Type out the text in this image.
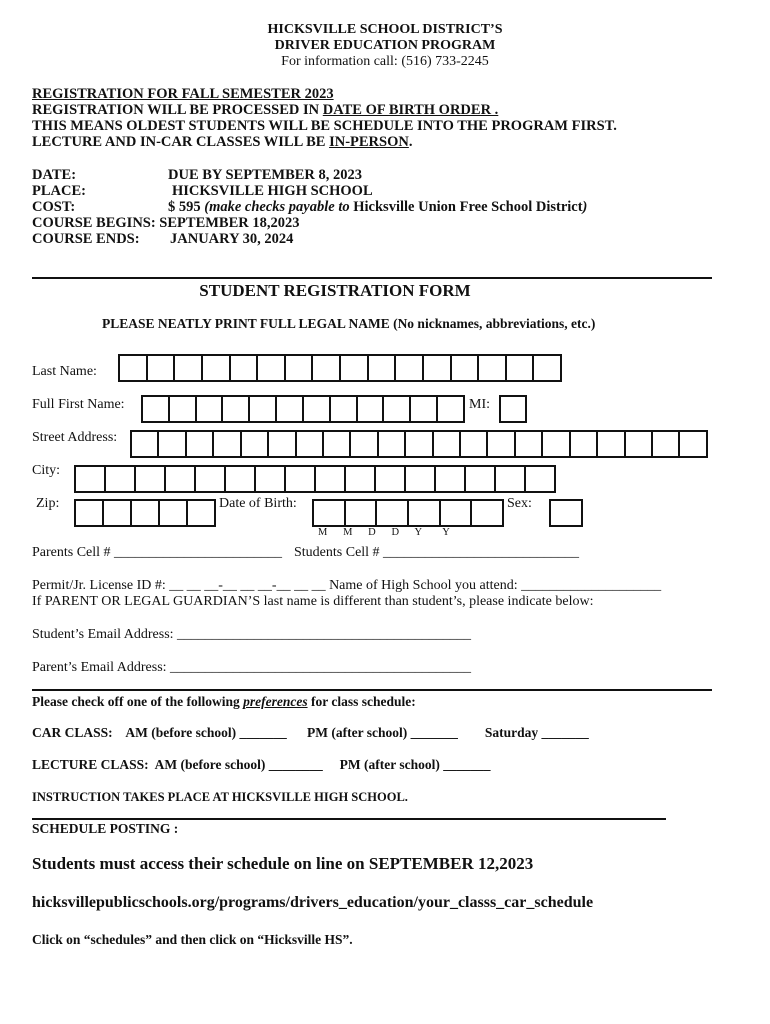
HICKSVILLE SCHOOL DISTRICT’S
DRIVER EDUCATION PROGRAM
For information call: (516) 733-2245
REGISTRATION FOR FALL SEMESTER 2023
REGISTRATION WILL BE PROCESSED IN DATE OF BIRTH ORDER .
THIS MEANS OLDEST STUDENTS WILL BE SCHEDULE INTO THE PROGRAM FIRST.
LECTURE AND IN-CAR CLASSES WILL BE IN-PERSON.
DATE:	DUE BY SEPTEMBER 8, 2023
PLACE:	HICKSVILLE HIGH SCHOOL
COST:	$ 595 (make checks payable to Hicksville Union Free School District)
COURSE BEGINS: SEPTEMBER 18,2023
COURSE ENDS: JANUARY 30, 2024
STUDENT REGISTRATION FORM
PLEASE NEATLY PRINT FULL LEGAL NAME (No nicknames, abbreviations, etc.)
Last Name:
Full First Name:	MI:
Street Address:
City:
Zip:	Date of Birth:	Sex:
M      M      D      D      Y        Y
Parents Cell # ________________________ Students Cell # ____________________________
Permit/Jr. License ID #: __ __ __-__ __ __-__ __ __ Name of High School you attend: ____________________
If PARENT OR LEGAL GUARDIAN’S last name is different than student’s, please indicate below:
Student’s Email Address: __________________________________________
Parent’s Email Address: ___________________________________________
Please check off one of the following preferences for class schedule:
CAR CLASS:    AM (before school) _______      PM (after school) _______        Saturday _______
LECTURE CLASS:  AM (before school) ________     PM (after school) _______
INSTRUCTION TAKES PLACE AT HICKSVILLE HIGH SCHOOL.
SCHEDULE POSTING :
Students must access their schedule on line on SEPTEMBER 12,2023
hicksvillepublicschools.org/programs/drivers_education/your_classs_car_schedule
Click on “schedules” and then click on “Hicksville HS”.
